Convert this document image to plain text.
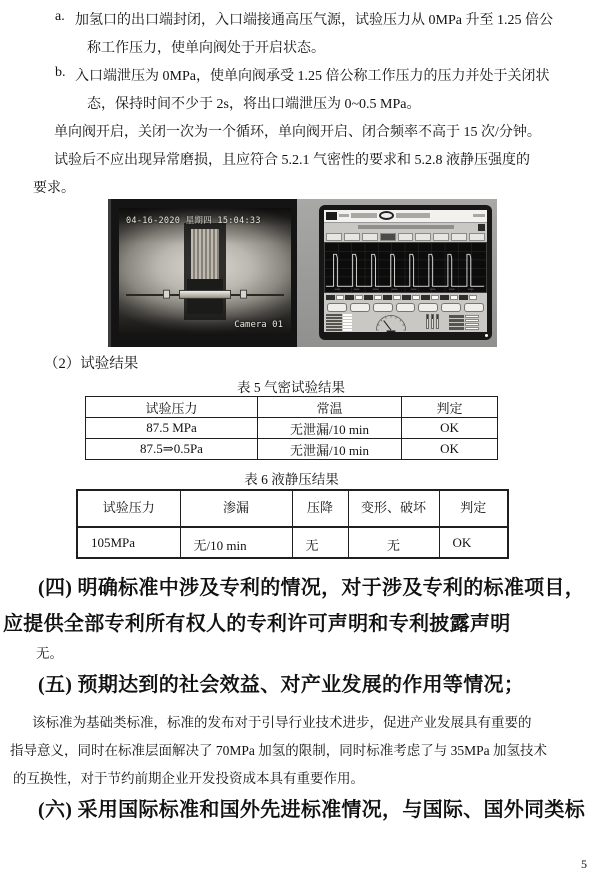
a. 加氢口的出口端封闭，入口端接通高压气源，试验压力从 0MPa 升至 1.25 倍公
称工作压力，使单向阀处于开启状态。
b. 入口端泄压为 0MPa，使单向阀承受 1.25 倍公称工作压力的压力并处于关闭状
态，保持时间不少于 2s，将出口端泄压为 0~0.5 MPa。
单向阀开启，关闭一次为一个循环，单向阀开启、闭合频率不高于 15 次/分钟。
试验后不应出现异常磨损，且应符合 5.2.1 气密性的要求和 5.2.8 液静压强度的
要求。
04-16-2020 星期四 15:04:33
Camera 01
（2）试验结果
表 5 气密试验结果
试验压力	常温	判定
87.5 MPa	无泄漏/10 min	OK
87.5⇒0.5Pa	无泄漏/10 min	OK
表 6 液静压结果
试验压力	渗漏	压降	变形、破坏	判定
105MPa	无/10 min	无	无	OK
(四) 明确标准中涉及专利的情况，对于涉及专利的标准项目，
应提供全部专利所有权人的专利许可声明和专利披露声明
无。
(五) 预期达到的社会效益、对产业发展的作用等情况；
该标准为基础类标准，标准的发布对于引导行业技术进步，促进产业发展具有重要的
指导意义，同时在标准层面解决了 70MPa 加氢的限制，同时标准考虑了与 35MPa 加氢技术
的互换性，对于节约前期企业开发投资成本具有重要作用。
(六) 采用国际标准和国外先进标准情况，与国际、国外同类标
5
